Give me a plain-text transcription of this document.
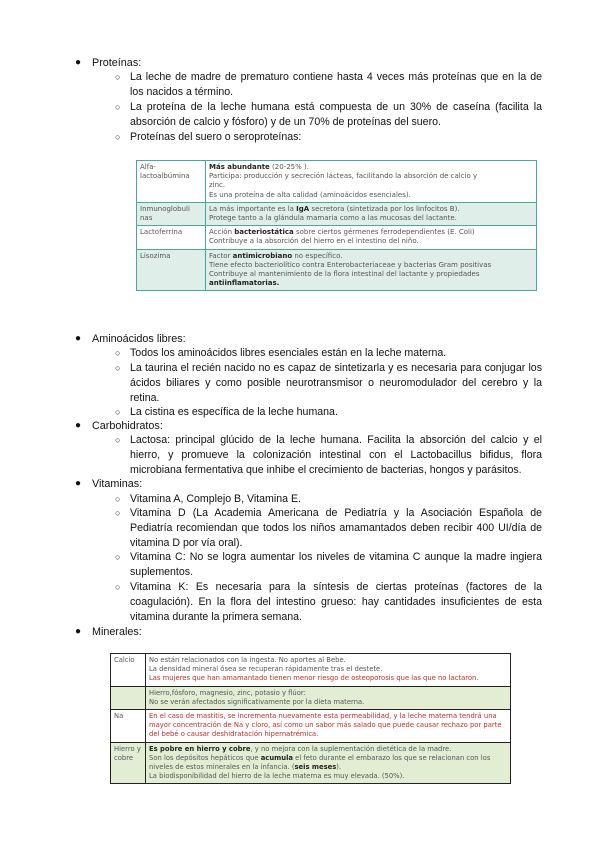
● Proteínas:
○ La leche de madre de prematuro contiene hasta 4 veces más proteínas que en la de los nacidos a término.
○ La proteína de la leche humana está compuesta de un 30% de caseína (facilita la absorción de calcio y fósforo) y de un 70% de proteínas del suero.
○ Proteínas del suero o seroproteínas:
Alfa-
lactoalbúmina	Más abundante (20-25% ).
Participa: producción y secreción lácteas, facilitando la absorción de calcio y
zinc.
Es una proteína de alta calidad (aminoácidos esenciales).
Inmunoglobuli
nas	La más importante es la IgA secretora (sintetizada por los linfocitos B).
Protege tanto a la glándula mamaria como a las mucosas del lactante.
Lactoferrina	Acción bacteriostática sobre ciertos gérmenes ferrodependientes (E. Coli)
Contribuye a la absorción del hierro en el intestino del niño.
Lisozima	Factor antimicrobiano no específico.
Tiene efecto bacteriolítico contra Enterobacteriaceae y bacterias Gram positivas
Contribuye al mantenimiento de la flora intestinal del lactante y propiedades
antiinflamatorias.
● Aminoácidos libres:
○ Todos los aminoácidos libres esenciales están en la leche materna.
○ La taurina el recién nacido no es capaz de sintetizarla y es necesaria para conjugar los ácidos biliares y como posible neurotransmisor o neuromodulador del cerebro y la retina.
○ La cistina es específica de la leche humana.
● Carbohidratos:
○ Lactosa: principal glúcido de la leche humana. Facilita la absorción del calcio y el hierro, y promueve la colonización intestinal con el Lactobacillus bifidus, flora microbiana fermentativa que inhibe el crecimiento de bacterias, hongos y parásitos.
● Vitaminas:
○ Vitamina A, Complejo B, Vitamina E.
○ Vitamina D (La Academia Americana de Pediatría y la Asociación Española de Pediatría recomiendan que todos los niños amamantados deben recibir 400 UI/día de vitamina D por vía oral).
○ Vitamina C: No se logra aumentar los niveles de vitamina C aunque la madre ingiera suplementos.
○ Vitamina K: Es necesaria para la síntesis de ciertas proteínas (factores de la coagulación). En la flora del intestino grueso: hay cantidades insuficientes de esta vitamina durante la primera semana.
● Minerales:
Calcio	No están relacionados con la ingesta. No aportes al Bebe.
La densidad mineral ósea se recuperan rápidamente tras el destete.
Las mujeres que han amamantado tienen menor riesgo de osteoporosis que las que no lactaron.
	Hierro,fósforo, magnesio, zinc, potasio y flúor:
No se verán afectados significativamente por la dieta materna.
Na	En el caso de mastitis, se incrementa nuevamente esta permeabilidad, y la leche materna tendrá una mayor concentración de Na y cloro, así como un sabor más salado que puede causar rechazo por parte del bebé o causar deshidratación hipernatrémica.
Hierro y
cobre	Es pobre en hierro y cobre, y no mejora con la suplementación dietética de la madre.
Son los depósitos hepáticos que acumula el feto durante el embarazo los que se relacionan con los niveles de estos minerales en la infancia. (seis meses).
La biodisponibilidad del hierro de la leche materna es muy elevada. (50%).
